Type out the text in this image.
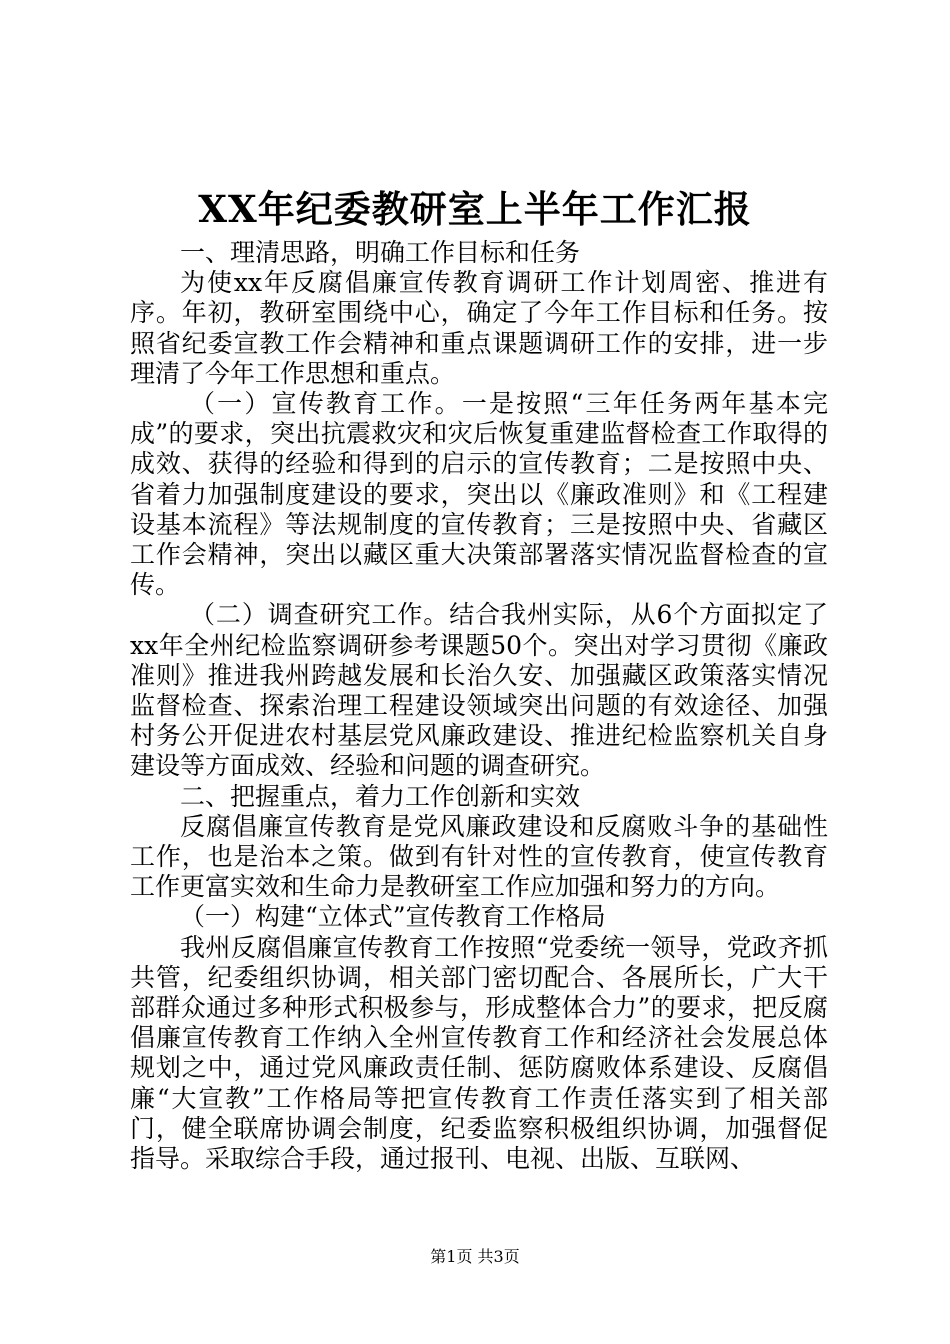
XX年纪委教研室上半年工作汇报

一、理清思路，明确工作目标和任务

为使xx年反腐倡廉宣传教育调研工作计划周密、推进有序。年初，教研室围绕中心，确定了今年工作目标和任务。按照省纪委宣教工作会精神和重点课题调研工作的安排，进一步理清了今年工作思想和重点。

（一）宣传教育工作。一是按照“三年任务两年基本完成”的要求，突出抗震救灾和灾后恢复重建监督检查工作取得的成效、获得的经验和得到的启示的宣传教育；二是按照中央、省着力加强制度建设的要求，突出以《廉政准则》和《工程建设基本流程》等法规制度的宣传教育；三是按照中央、省藏区工作会精神，突出以藏区重大决策部署落实情况监督检查的宣传。

（二）调查研究工作。结合我州实际，从6个方面拟定了xx年全州纪检监察调研参考课题50个。突出对学习贯彻《廉政准则》推进我州跨越发展和长治久安、加强藏区政策落实情况监督检查、探索治理工程建设领域突出问题的有效途径、加强村务公开促进农村基层党风廉政建设、推进纪检监察机关自身建设等方面成效、经验和问题的调查研究。

二、把握重点，着力工作创新和实效

反腐倡廉宣传教育是党风廉政建设和反腐败斗争的基础性工作，也是治本之策。做到有针对性的宣传教育，使宣传教育工作更富实效和生命力是教研室工作应加强和努力的方向。

（一）构建“立体式”宣传教育工作格局

我州反腐倡廉宣传教育工作按照“党委统一领导，党政齐抓共管，纪委组织协调，相关部门密切配合、各展所长，广大干部群众通过多种形式积极参与，形成整体合力”的要求，把反腐倡廉宣传教育工作纳入全州宣传教育工作和经济社会发展总体规划之中，通过党风廉政责任制、惩防腐败体系建设、反腐倡廉“大宣教”工作格局等把宣传教育工作责任落实到了相关部门，健全联席协调会制度，纪委监察积极组织协调，加强督促指导。采取综合手段，通过报刊、电视、出版、互联网、

第1页 共3页
